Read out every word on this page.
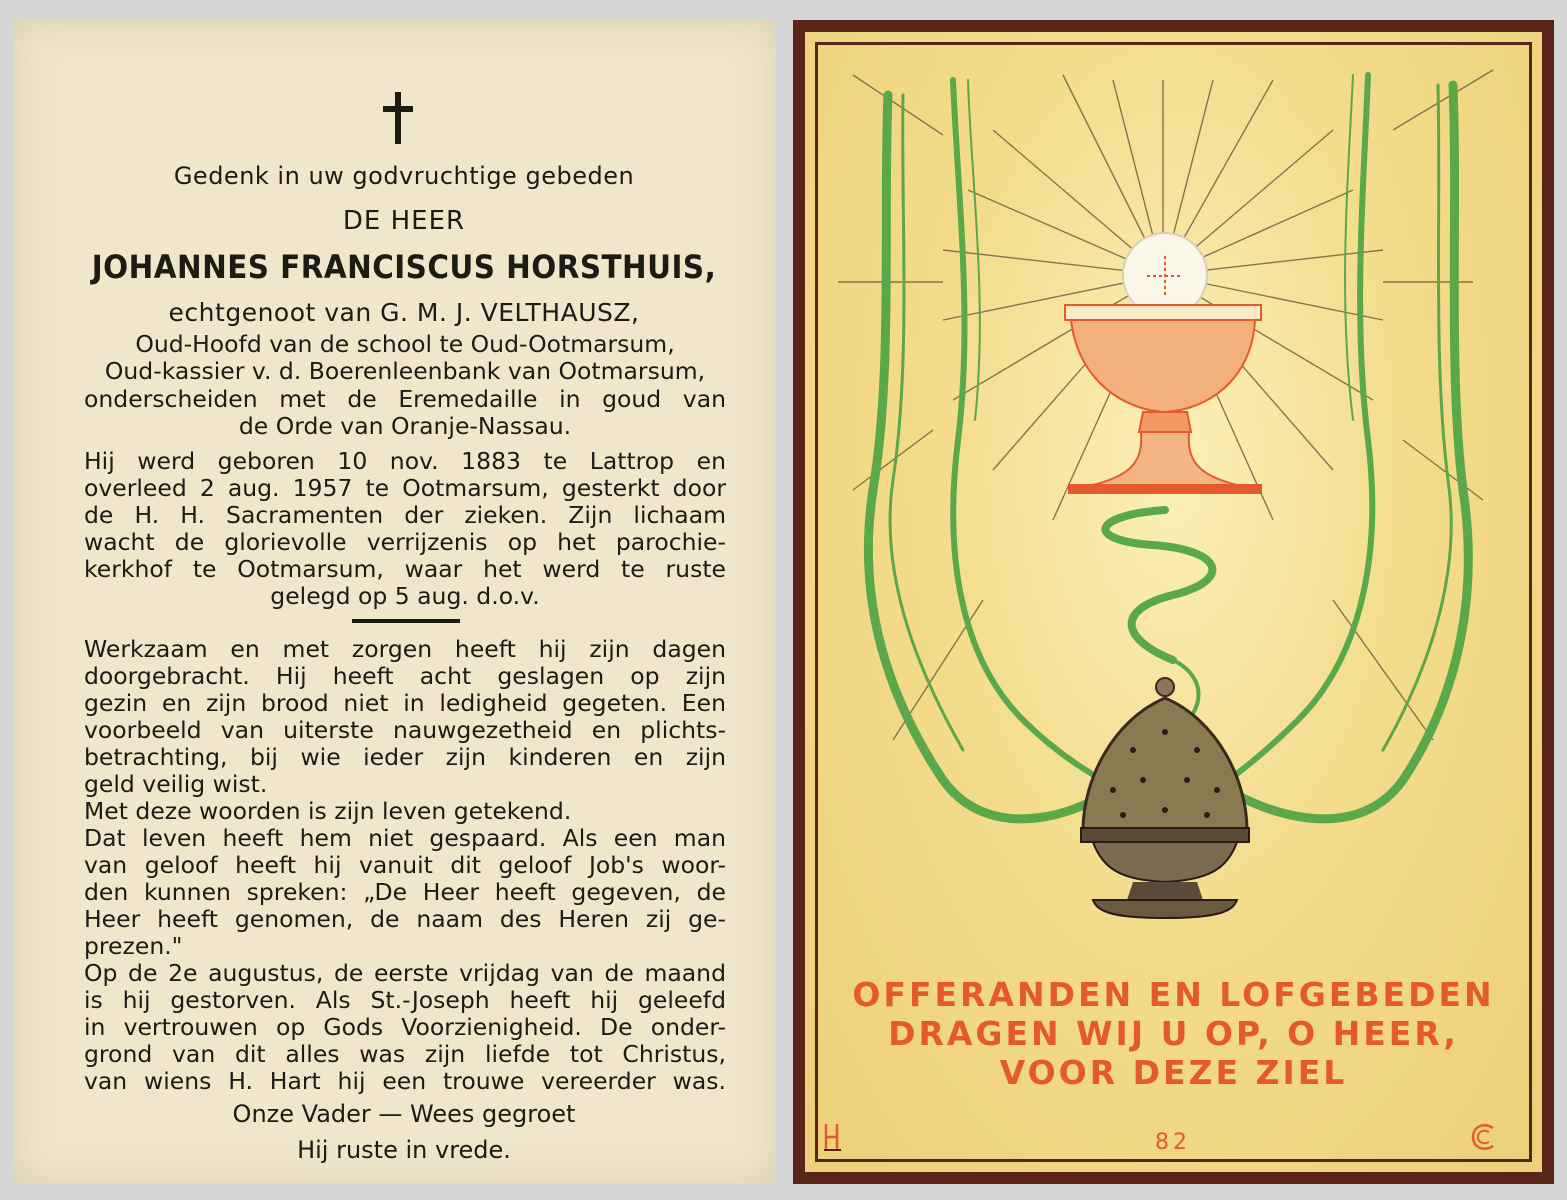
Gedenk in uw godvruchtige gebeden
DE HEER
JOHANNES FRANCISCUS HORSTHUIS,
echtgenoot van G. M. J. VELTHAUSZ,

Oud-Hoofd van de school te Oud-Ootmarsum,

Oud-kassier v. d. Boerenleenbank van Ootmarsum,

onderscheiden met de Eremedaille in goud van

de Orde van Oranje-Nassau.

Hij werd geboren 10 nov. 1883 te Lattrop en

overleed 2 aug. 1957 te Ootmarsum, gesterkt door

de H. H. Sacramenten der zieken. Zijn lichaam

wacht de glorievolle verrijzenis op het parochie-

kerkhof te Ootmarsum, waar het werd te ruste

gelegd op 5 aug. d.o.v.

Werkzaam en met zorgen heeft hij zijn dagen

doorgebracht. Hij heeft acht geslagen op zijn

gezin en zijn brood niet in ledigheid gegeten. Een

voorbeeld van uiterste nauwgezetheid en plichts-

betrachting, bij wie ieder zijn kinderen en zijn

geld veilig wist.

Met deze woorden is zijn leven getekend.

Dat leven heeft hem niet gespaard. Als een man

van geloof heeft hij vanuit dit geloof Job's woor-

den kunnen spreken: „De Heer heeft gegeven, de

Heer heeft genomen, de naam des Heren zij ge-

prezen."

Op de 2e augustus, de eerste vrijdag van de maand

is hij gestorven. Als St.-Joseph heeft hij geleefd

in vertrouwen op Gods Voorzienigheid. De onder-

grond van dit alles was zijn liefde tot Christus,

van wiens H. Hart hij een trouwe vereerder was.

Onze Vader — Wees gegroet
Hij ruste in vrede.
OFFERANDEN EN LOFGEBEDEN
DRAGEN WIJ U OP, O HEER,
VOOR DEZE ZIEL
82
